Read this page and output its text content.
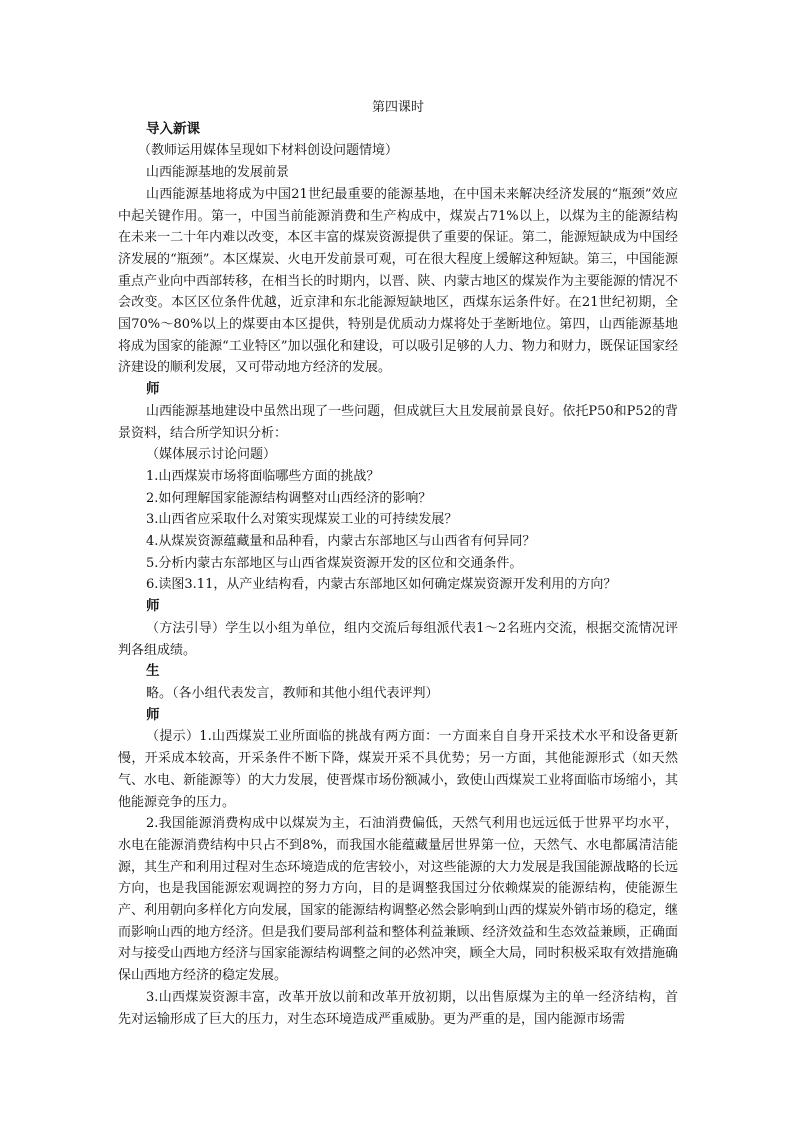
第四课时

导入新课

（教师运用媒体呈现如下材料创设问题情境）

山西能源基地的发展前景

山西能源基地将成为中国21世纪最重要的能源基地，在中国未来解决经济发展的“瓶颈”效应中起关键作用。第一，中国当前能源消费和生产构成中，煤炭占71%以上，以煤为主的能源结构在未来一二十年内难以改变，本区丰富的煤炭资源提供了重要的保证。第二，能源短缺成为中国经济发展的“瓶颈”。本区煤炭、火电开发前景可观，可在很大程度上缓解这种短缺。第三，中国能源重点产业向中西部转移，在相当长的时期内，以晋、陕、内蒙古地区的煤炭作为主要能源的情况不会改变。本区区位条件优越，近京津和东北能源短缺地区，西煤东运条件好。在21世纪初期，全国70%～80%以上的煤要由本区提供，特别是优质动力煤将处于垄断地位。第四，山西能源基地将成为国家的能源“工业特区”加以强化和建设，可以吸引足够的人力、物力和财力，既保证国家经济建设的顺利发展，又可带动地方经济的发展。

师

山西能源基地建设中虽然出现了一些问题，但成就巨大且发展前景良好。依托P50和P52的背景资料，结合所学知识分析：

（媒体展示讨论问题）

1.山西煤炭市场将面临哪些方面的挑战？

2.如何理解国家能源结构调整对山西经济的影响？

3.山西省应采取什么对策实现煤炭工业的可持续发展？

4.从煤炭资源蕴藏量和品种看，内蒙古东部地区与山西省有何异同？

5.分析内蒙古东部地区与山西省煤炭资源开发的区位和交通条件。

6.读图3.11，从产业结构看，内蒙古东部地区如何确定煤炭资源开发利用的方向？

师

（方法引导）学生以小组为单位，组内交流后每组派代表1～2名班内交流，根据交流情况评判各组成绩。

生

略。（各小组代表发言，教师和其他小组代表评判）

师

（提示）1.山西煤炭工业所面临的挑战有两方面：一方面来自自身开采技术水平和设备更新慢，开采成本较高，开采条件不断下降，煤炭开采不具优势；另一方面，其他能源形式（如天然气、水电、新能源等）的大力发展，使晋煤市场份额减小，致使山西煤炭工业将面临市场缩小，其他能源竞争的压力。

2.我国能源消费构成中以煤炭为主，石油消费偏低，天然气利用也远远低于世界平均水平，水电在能源消费结构中只占不到8%，而我国水能蕴藏量居世界第一位，天然气、水电都属清洁能源，其生产和利用过程对生态环境造成的危害较小，对这些能源的大力发展是我国能源战略的长远方向，也是我国能源宏观调控的努力方向，目的是调整我国过分依赖煤炭的能源结构，使能源生产、利用朝向多样化方向发展，国家的能源结构调整必然会影响到山西的煤炭外销市场的稳定，继而影响山西的地方经济。但是我们要局部利益和整体利益兼顾、经济效益和生态效益兼顾，正确面对与接受山西地方经济与国家能源结构调整之间的必然冲突，顾全大局，同时积极采取有效措施确保山西地方经济的稳定发展。

3.山西煤炭资源丰富，改革开放以前和改革开放初期，以出售原煤为主的单一经济结构，首先对运输形成了巨大的压力，对生态环境造成严重威胁。更为严重的是，国内能源市场需
